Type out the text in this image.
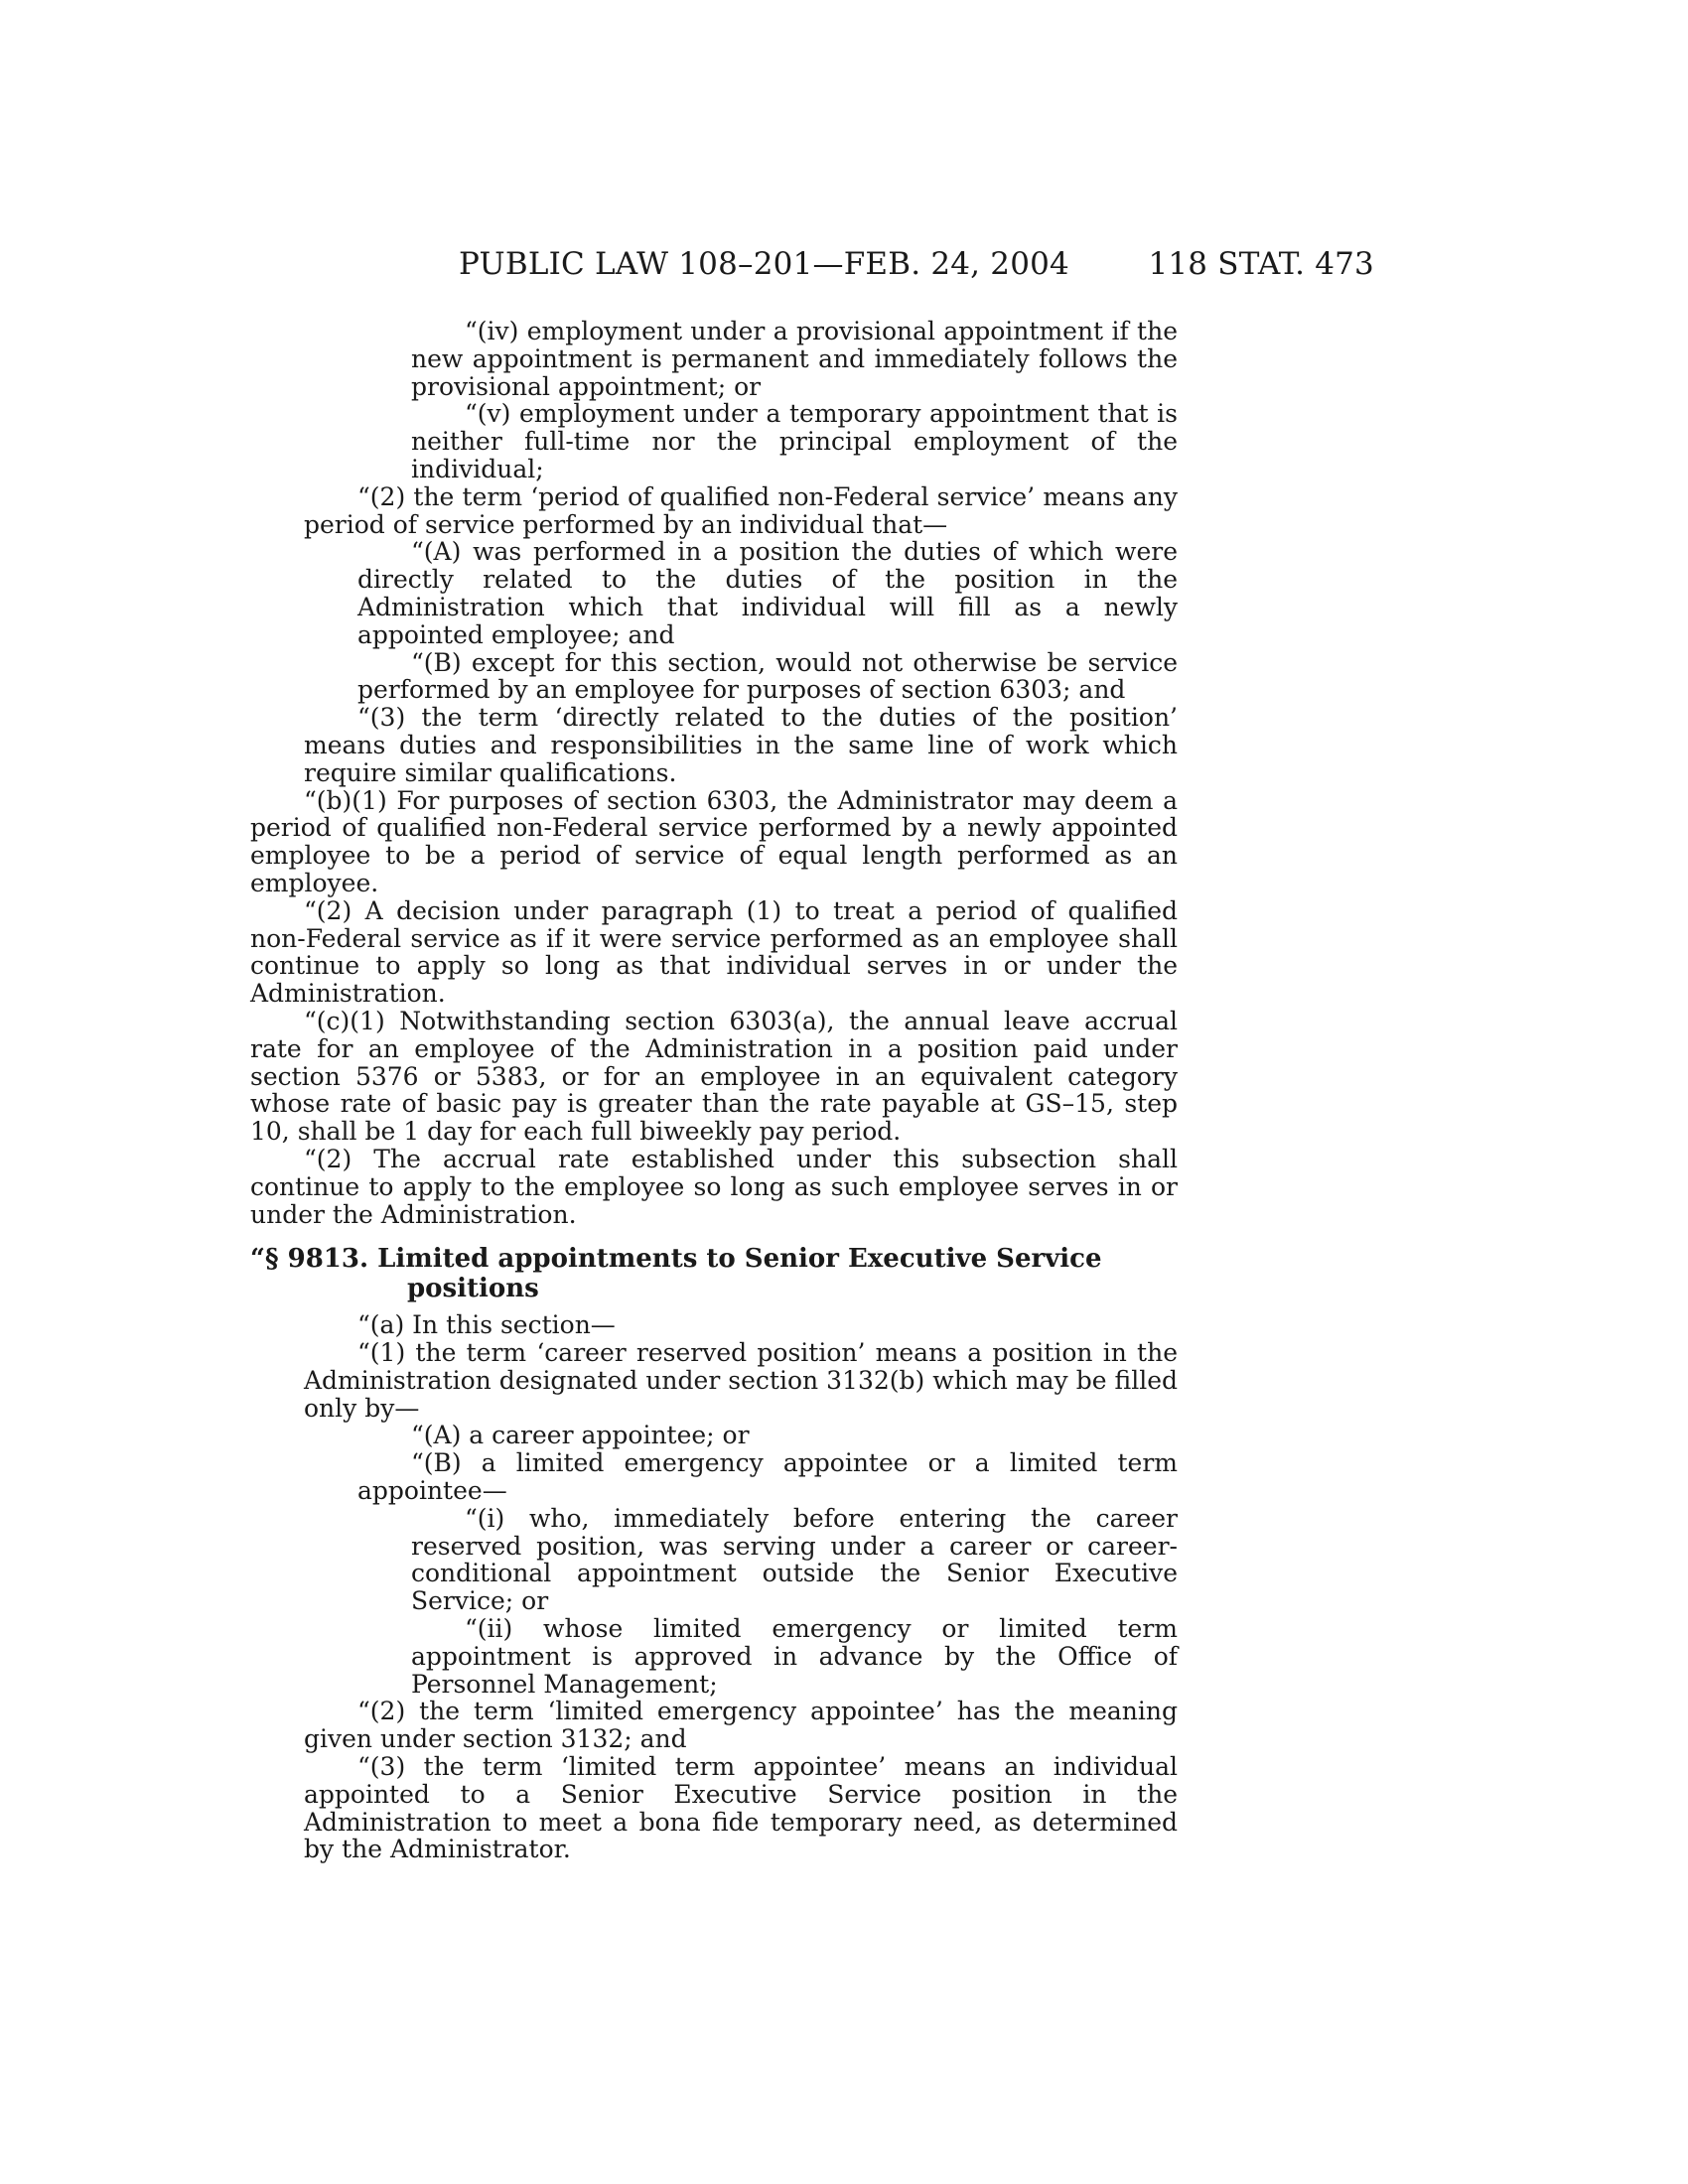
PUBLIC LAW 108–201—FEB. 24, 2004	118 STAT. 473

“(iv) employment under a provisional appointment if the new appointment is permanent and immediately follows the provisional appointment; or

“(v) employment under a temporary appointment that is neither full-time nor the principal employment of the individual;

“(2) the term ‘period of qualified non-Federal service’ means any period of service performed by an individual that—

“(A) was performed in a position the duties of which were directly related to the duties of the position in the Administration which that individual will fill as a newly appointed employee; and

“(B) except for this section, would not otherwise be service performed by an employee for purposes of section 6303; and

“(3) the term ‘directly related to the duties of the position’ means duties and responsibilities in the same line of work which require similar qualifications.

“(b)(1) For purposes of section 6303, the Administrator may deem a period of qualified non-Federal service performed by a newly appointed employee to be a period of service of equal length performed as an employee.

“(2) A decision under paragraph (1) to treat a period of qualified non-Federal service as if it were service performed as an employee shall continue to apply so long as that individual serves in or under the Administration.

“(c)(1) Notwithstanding section 6303(a), the annual leave accrual rate for an employee of the Administration in a position paid under section 5376 or 5383, or for an employee in an equivalent category whose rate of basic pay is greater than the rate payable at GS–15, step 10, shall be 1 day for each full biweekly pay period.

“(2) The accrual rate established under this subsection shall continue to apply to the employee so long as such employee serves in or under the Administration.

“§ 9813. Limited appointments to Senior Executive Service
positions

“(a) In this section—

“(1) the term ‘career reserved position’ means a position in the Administration designated under section 3132(b) which may be filled only by—

“(A) a career appointee; or

“(B) a limited emergency appointee or a limited term appointee—

“(i) who, immediately before entering the career reserved position, was serving under a career or career-conditional appointment outside the Senior Executive Service; or

“(ii) whose limited emergency or limited term appointment is approved in advance by the Office of Personnel Management;

“(2) the term ‘limited emergency appointee’ has the meaning given under section 3132; and

“(3) the term ‘limited term appointee’ means an individual appointed to a Senior Executive Service position in the Administration to meet a bona fide temporary need, as determined by the Administrator.
